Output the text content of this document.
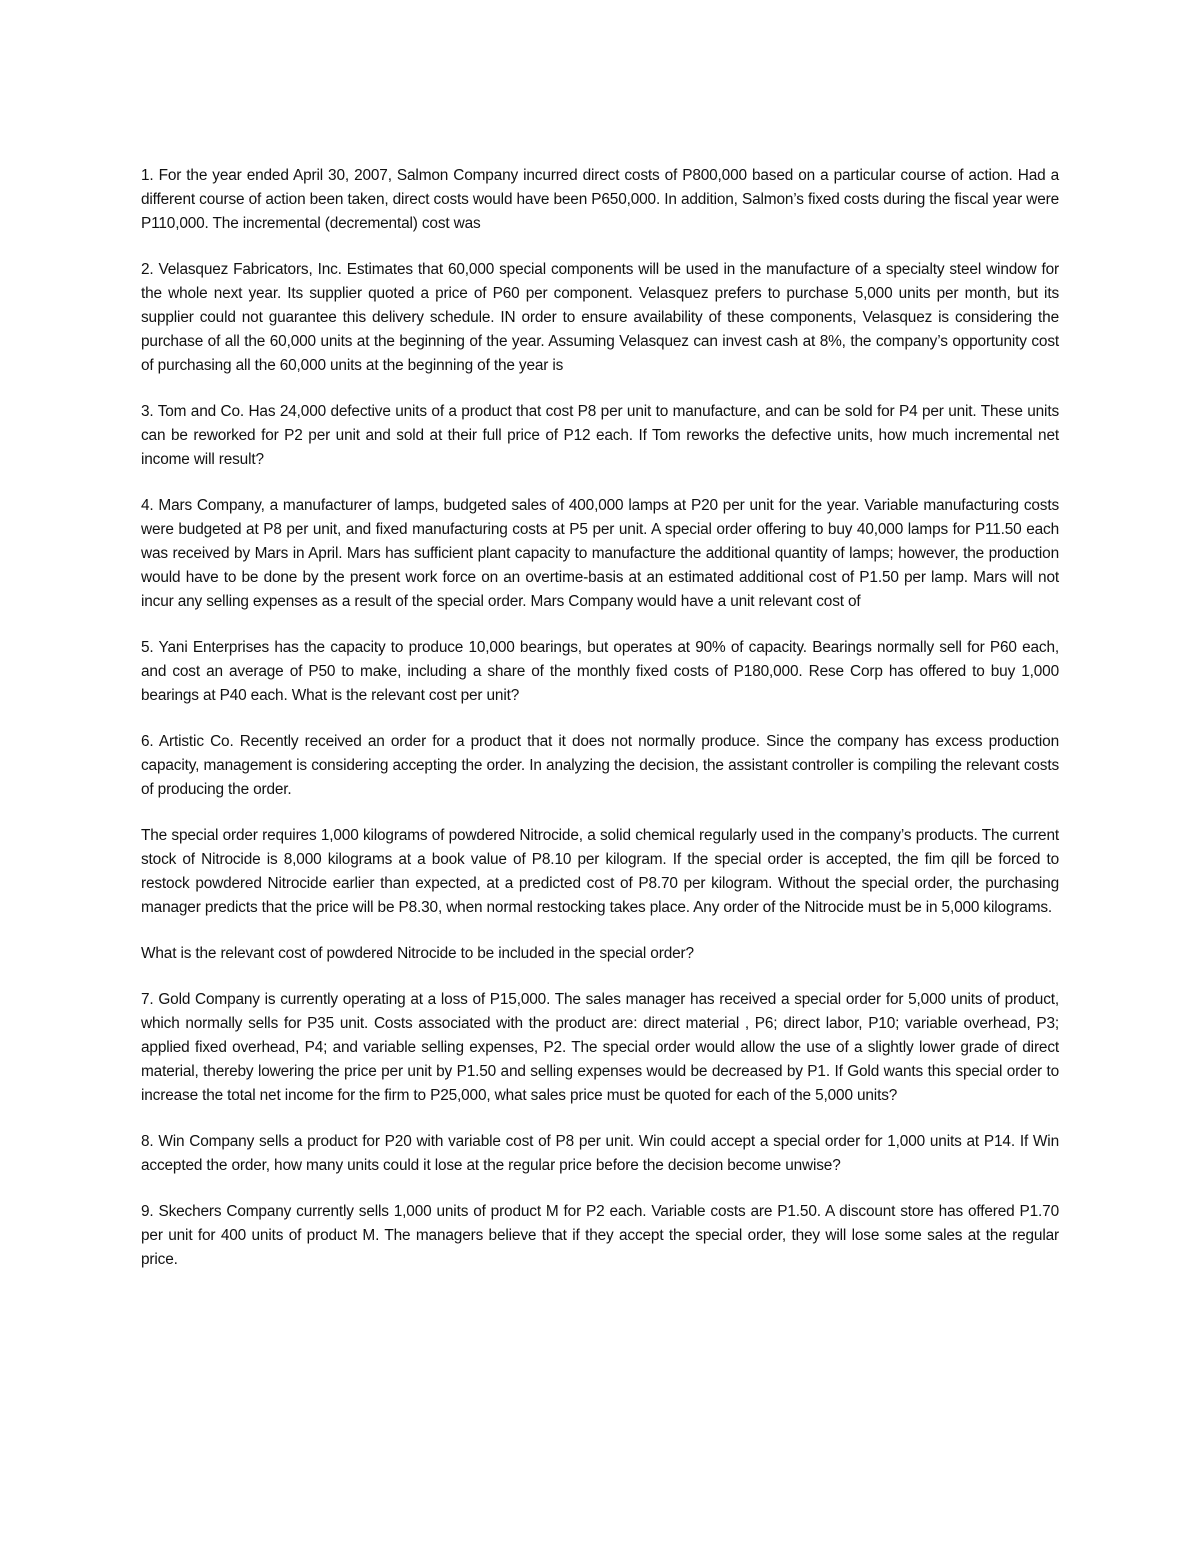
1. For the year ended April 30, 2007, Salmon Company incurred direct costs of P800,000 based on a particular course of action. Had a different course of action been taken, direct costs would have been P650,000. In addition, Salmon’s fixed costs during the fiscal year were P110,000. The incremental (decremental) cost was

2. Velasquez Fabricators, Inc. Estimates that 60,000 special components will be used in the manufacture of a specialty steel window for the whole next year. Its supplier quoted a price of P60 per component. Velasquez prefers to purchase 5,000 units per month, but its supplier could not guarantee this delivery schedule. IN order to ensure availability of these components, Velasquez is considering the purchase of all the 60,000 units at the beginning of the year. Assuming Velasquez can invest cash at 8%, the company’s opportunity cost of purchasing all the 60,000 units at the beginning of the year is

3. Tom and Co. Has 24,000 defective units of a product that cost P8 per unit to manufacture, and can be sold for P4 per unit. These units can be reworked for P2 per unit and sold at their full price of P12 each. If Tom reworks the defective units, how much incremental net income will result?

4. Mars Company, a manufacturer of lamps, budgeted sales of 400,000 lamps at P20 per unit for the year. Variable manufacturing costs were budgeted at P8 per unit, and fixed manufacturing costs at P5 per unit. A special order offering to buy 40,000 lamps for P11.50 each was received by Mars in April. Mars has sufficient plant capacity to manufacture the additional quantity of lamps; however, the production would have to be done by the present work force on an overtime-basis at an estimated additional cost of P1.50 per lamp. Mars will not incur any selling expenses as a result of the special order. Mars Company would have a unit relevant cost of

5. Yani Enterprises has the capacity to produce 10,000 bearings, but operates at 90% of capacity. Bearings normally sell for P60 each, and cost an average of P50 to make, including a share of the monthly fixed costs of P180,000. Rese Corp has offered to buy 1,000 bearings at P40 each. What is the relevant cost per unit?

6. Artistic Co. Recently received an order for a product that it does not normally produce. Since the company has excess production capacity, management is considering accepting the order. In analyzing the decision, the assistant controller is compiling the relevant costs of producing the order.

The special order requires 1,000 kilograms of powdered Nitrocide, a solid chemical regularly used in the company’s products. The current stock of Nitrocide is 8,000 kilograms at a book value of P8.10 per kilogram. If the special order is accepted, the fim qill be forced to restock powdered Nitrocide earlier than expected, at a predicted cost of P8.70 per kilogram. Without the special order, the purchasing manager predicts that the price will be P8.30, when normal restocking takes place. Any order of the Nitrocide must be in 5,000 kilograms.

What is the relevant cost of powdered Nitrocide to be included in the special order?

7. Gold Company is currently operating at a loss of P15,000. The sales manager has received a special order for 5,000 units of product, which normally sells for P35 unit. Costs associated with the product are: direct material , P6; direct labor, P10; variable overhead, P3; applied fixed overhead, P4; and variable selling expenses, P2. The special order would allow the use of a slightly lower grade of direct material, thereby lowering the price per unit by P1.50 and selling expenses would be decreased by P1. If Gold wants this special order to increase the total net income for the firm to P25,000, what sales price must be quoted for each of the 5,000 units?

8. Win Company sells a product for P20 with variable cost of P8 per unit. Win could accept a special order for 1,000 units at P14. If Win accepted the order, how many units could it lose at the regular price before the decision become unwise?

9. Skechers Company currently sells 1,000 units of product M for P2 each. Variable costs are P1.50. A discount store has offered P1.70 per unit for 400 units of product M. The managers believe that if they accept the special order, they will lose some sales at the regular price.
